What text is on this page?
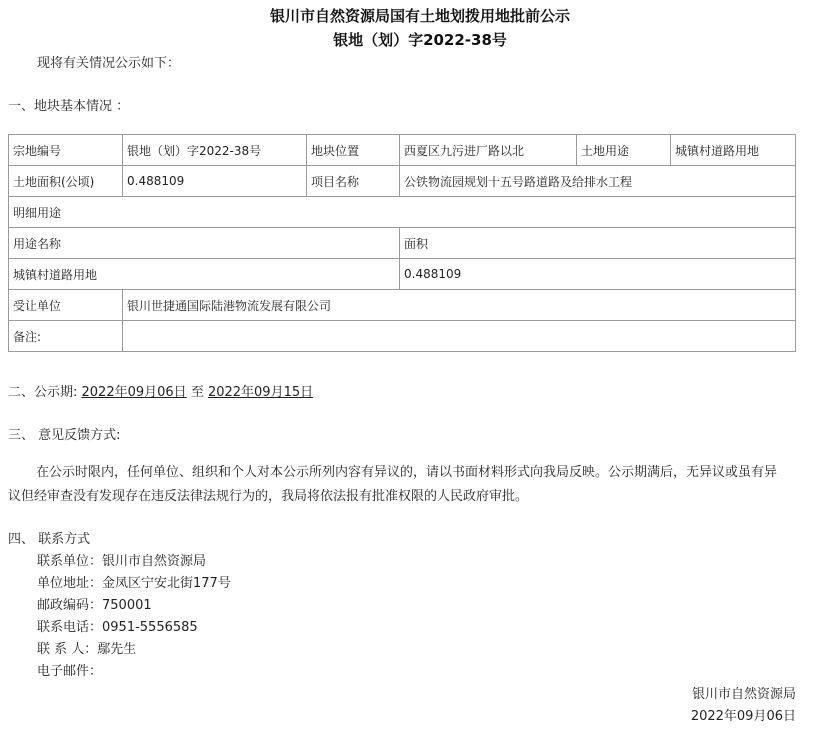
银川市自然资源局国有土地划拨用地批前公示
银地（划）字2022-38号
现将有关情况公示如下：
一、地块基本情况 ：
宗地编号	银地（划）字2022-38号	地块位置	西夏区九污进厂路以北	土地用途	城镇村道路用地
土地面积(公顷)	0.488109	项目名称	公铁物流园规划十五号路道路及给排水工程		
明细用途					
用途名称			面积		
城镇村道路用地			0.488109		
受让单位	银川世捷通国际陆港物流发展有限公司				
备注:					
二、公示期: 2022年09月06日 至 2022年09月15日
三、 意见反馈方式:
在公示时限内，任何单位、组织和个人对本公示所列内容有异议的，请以书面材料形式向我局反映。公示期满后，无异议或虽有异议但经审查没有发现存在违反法律法规行为的，我局将依法报有批准权限的人民政府审批。
四、 联系方式
联系单位：银川市自然资源局
单位地址：金凤区宁安北街177号
邮政编码：750001
联系电话：0951-5556585
联 系 人：鄢先生
电子邮件：
银川市自然资源局
2022年09月06日
